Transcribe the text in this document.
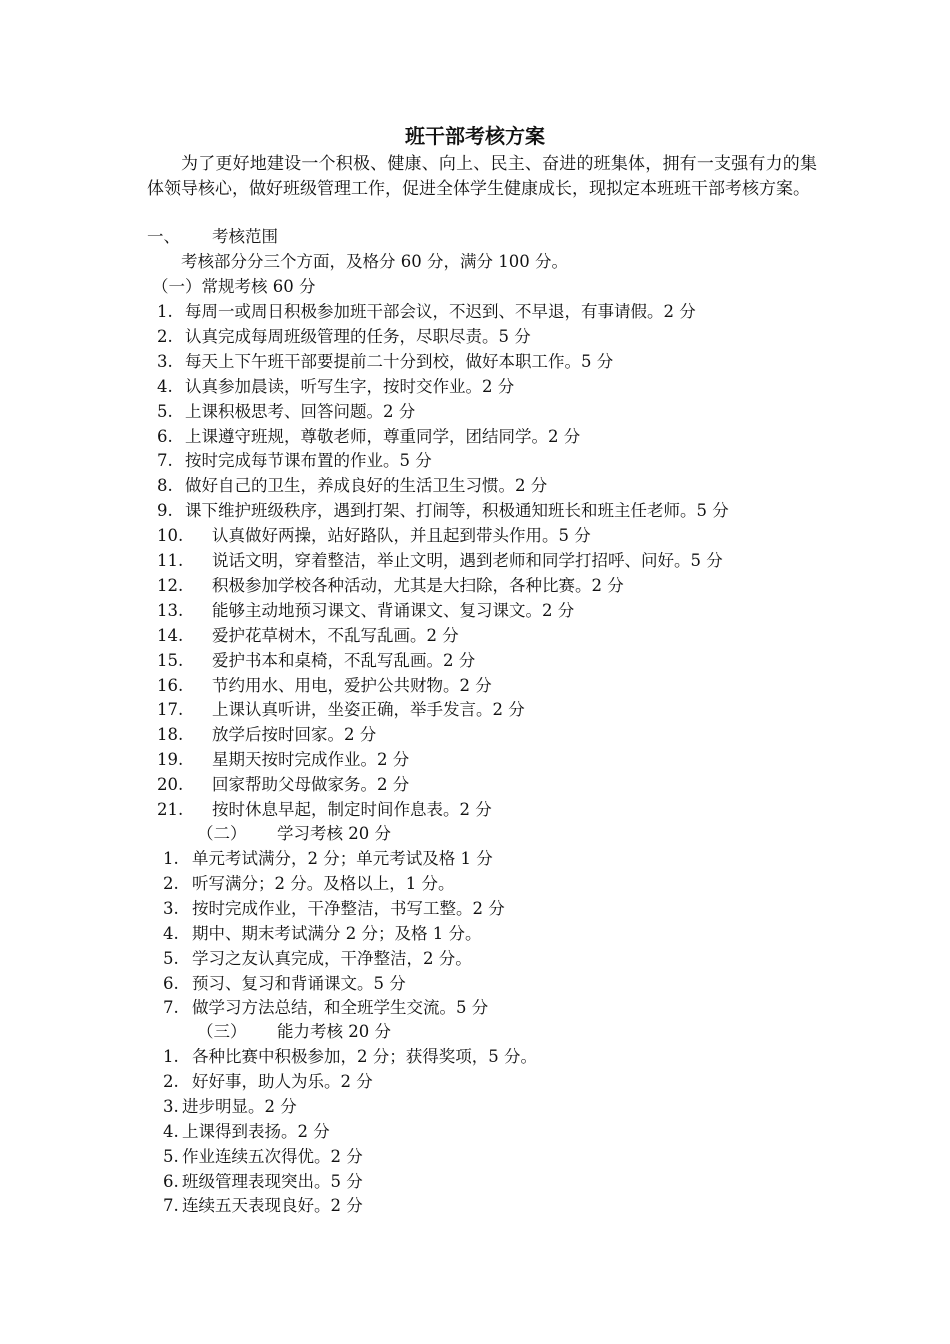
班干部考核方案

为了更好地建设一个积极、健康、向上、民主、奋进的班集体，拥有一支强有力的集体领导核心，做好班级管理工作，促进全体学生健康成长，现拟定本班班干部考核方案。

一、 考核范围
考核部分分三个方面，及格分 60 分，满分 100 分。
（一）常规考核 60 分
1. 每周一或周日积极参加班干部会议，不迟到、不早退，有事请假。2 分
2. 认真完成每周班级管理的任务，尽职尽责。5 分
3. 每天上下午班干部要提前二十分到校，做好本职工作。5 分
4. 认真参加晨读，听写生字，按时交作业。2 分
5. 上课积极思考、回答问题。2 分
6. 上课遵守班规，尊敬老师，尊重同学，团结同学。2 分
7. 按时完成每节课布置的作业。5 分
8. 做好自己的卫生，养成良好的生活卫生习惯。2 分
9. 课下维护班级秩序，遇到打架、打闹等，积极通知班长和班主任老师。5 分
10. 认真做好两操，站好路队，并且起到带头作用。5 分
11. 说话文明，穿着整洁，举止文明，遇到老师和同学打招呼、问好。5 分
12. 积极参加学校各种活动，尤其是大扫除，各种比赛。2 分
13. 能够主动地预习课文、背诵课文、复习课文。2 分
14. 爱护花草树木，不乱写乱画。2 分
15. 爱护书本和桌椅，不乱写乱画。2 分
16. 节约用水、用电，爱护公共财物。2 分
17. 上课认真听讲，坐姿正确，举手发言。2 分
18. 放学后按时回家。2 分
19. 星期天按时完成作业。2 分
20. 回家帮助父母做家务。2 分
21. 按时休息早起，制定时间作息表。2 分
（二） 学习考核 20 分
1. 单元考试满分，2 分；单元考试及格 1 分
2. 听写满分；2 分。及格以上，1 分。
3. 按时完成作业，干净整洁，书写工整。2 分
4. 期中、期末考试满分 2 分；及格 1 分。
5. 学习之友认真完成，干净整洁，2 分。
6. 预习、复习和背诵课文。5 分
7. 做学习方法总结，和全班学生交流。5 分
（三） 能力考核 20 分
1. 各种比赛中积极参加，2 分；获得奖项，5 分。
2. 好好事，助人为乐。2 分
3. 进步明显。2 分
4. 上课得到表扬。2 分
5. 作业连续五次得优。2 分
6. 班级管理表现突出。5 分
7. 连续五天表现良好。2 分
